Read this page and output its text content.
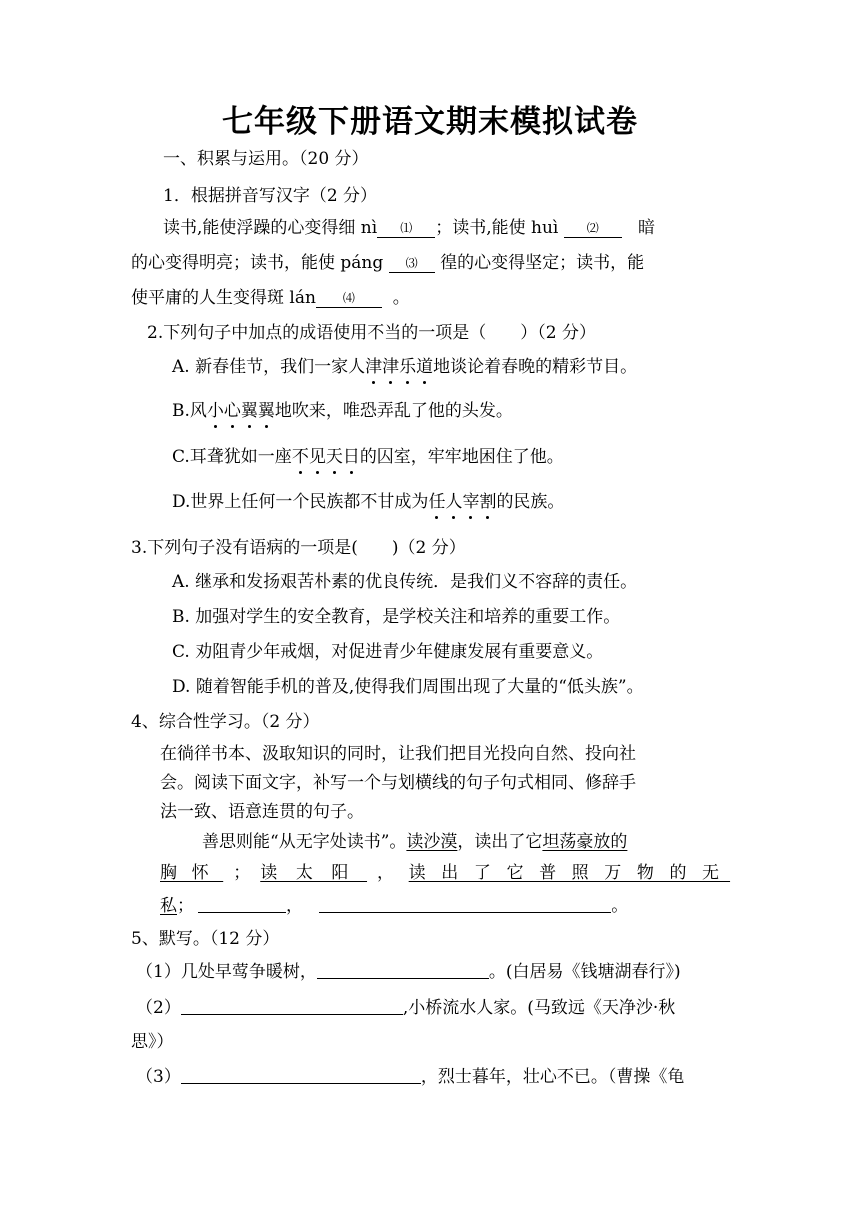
七年级下册语文期末模拟试卷
一、积累与运用。（20 分）
1．根据拼音写汉字（2 分）
读书,能使浮躁的心变得细 nì ⑴ ；读书,能使 huì ⑵ 暗
的心变得明亮；读书，能使 páng ⑶ 徨的心变得坚定；读书，能
使平庸的人生变得斑 lán ⑷ 。
2.下列句子中加点的成语使用不当的一项是（　　）（2 分）
A. 新春佳节，我们一家人津津乐道地谈论着春晚的精彩节目。
B.风小心翼翼地吹来，唯恐弄乱了他的头发。
C.耳聋犹如一座不见天日的囚室，牢牢地困住了他。
D.世界上任何一个民族都不甘成为任人宰割的民族。
3.下列句子没有语病的一项是(　　)（2 分）
A. 继承和发扬艰苦朴素的优良传统．是我们义不容辞的责任。
B. 加强对学生的安全教育，是学校关注和培养的重要工作。
C. 劝阻青少年戒烟，对促进青少年健康发展有重要意义。
D. 随着智能手机的普及,使得我们周围出现了大量的“低头族”。
4、综合性学习。（2 分）
在徜徉书本、汲取知识的同时，让我们把目光投向自然、投向社
会。阅读下面文字，补写一个与划横线的句子句式相同、修辞手
法一致、语意连贯的句子。
善思则能“从无字处读书”。读沙漠，读出了它坦荡豪放的
胸怀 ； 读太阳 ， 读出了它普照万物的无
私；	，	。
5、默写。（12 分）
（1）几处早莺争暖树，	。(白居易《钱塘湖春行》)
（2）	,小桥流水人家。(马致远《天净沙·秋
思》）
（3）	，烈士暮年，壮心不已。（曹操《龟
